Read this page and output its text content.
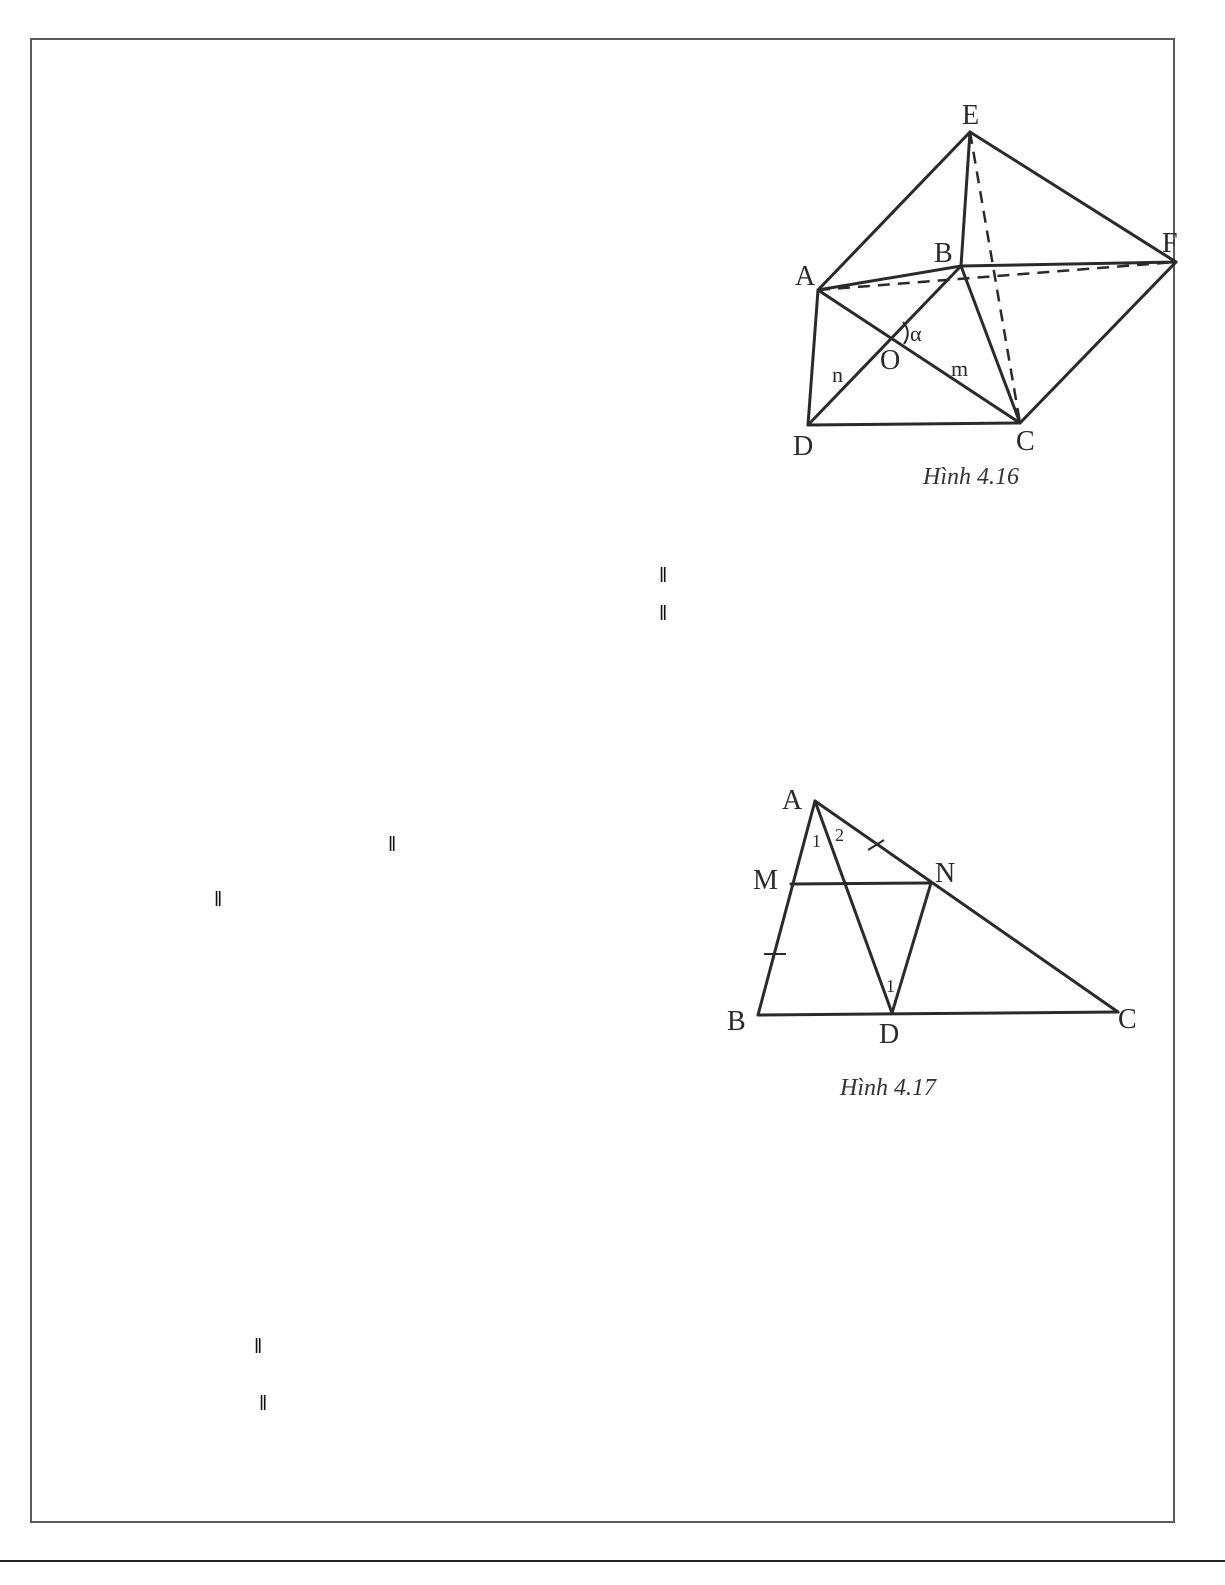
E
F
B
A
D	C
O
α
n	m
Hình 4.16
A
M	N
B	D	C
1 2
1
Hình 4.17
ǁ
ǁ
ǁ
ǁ
ǁ
ǁ
